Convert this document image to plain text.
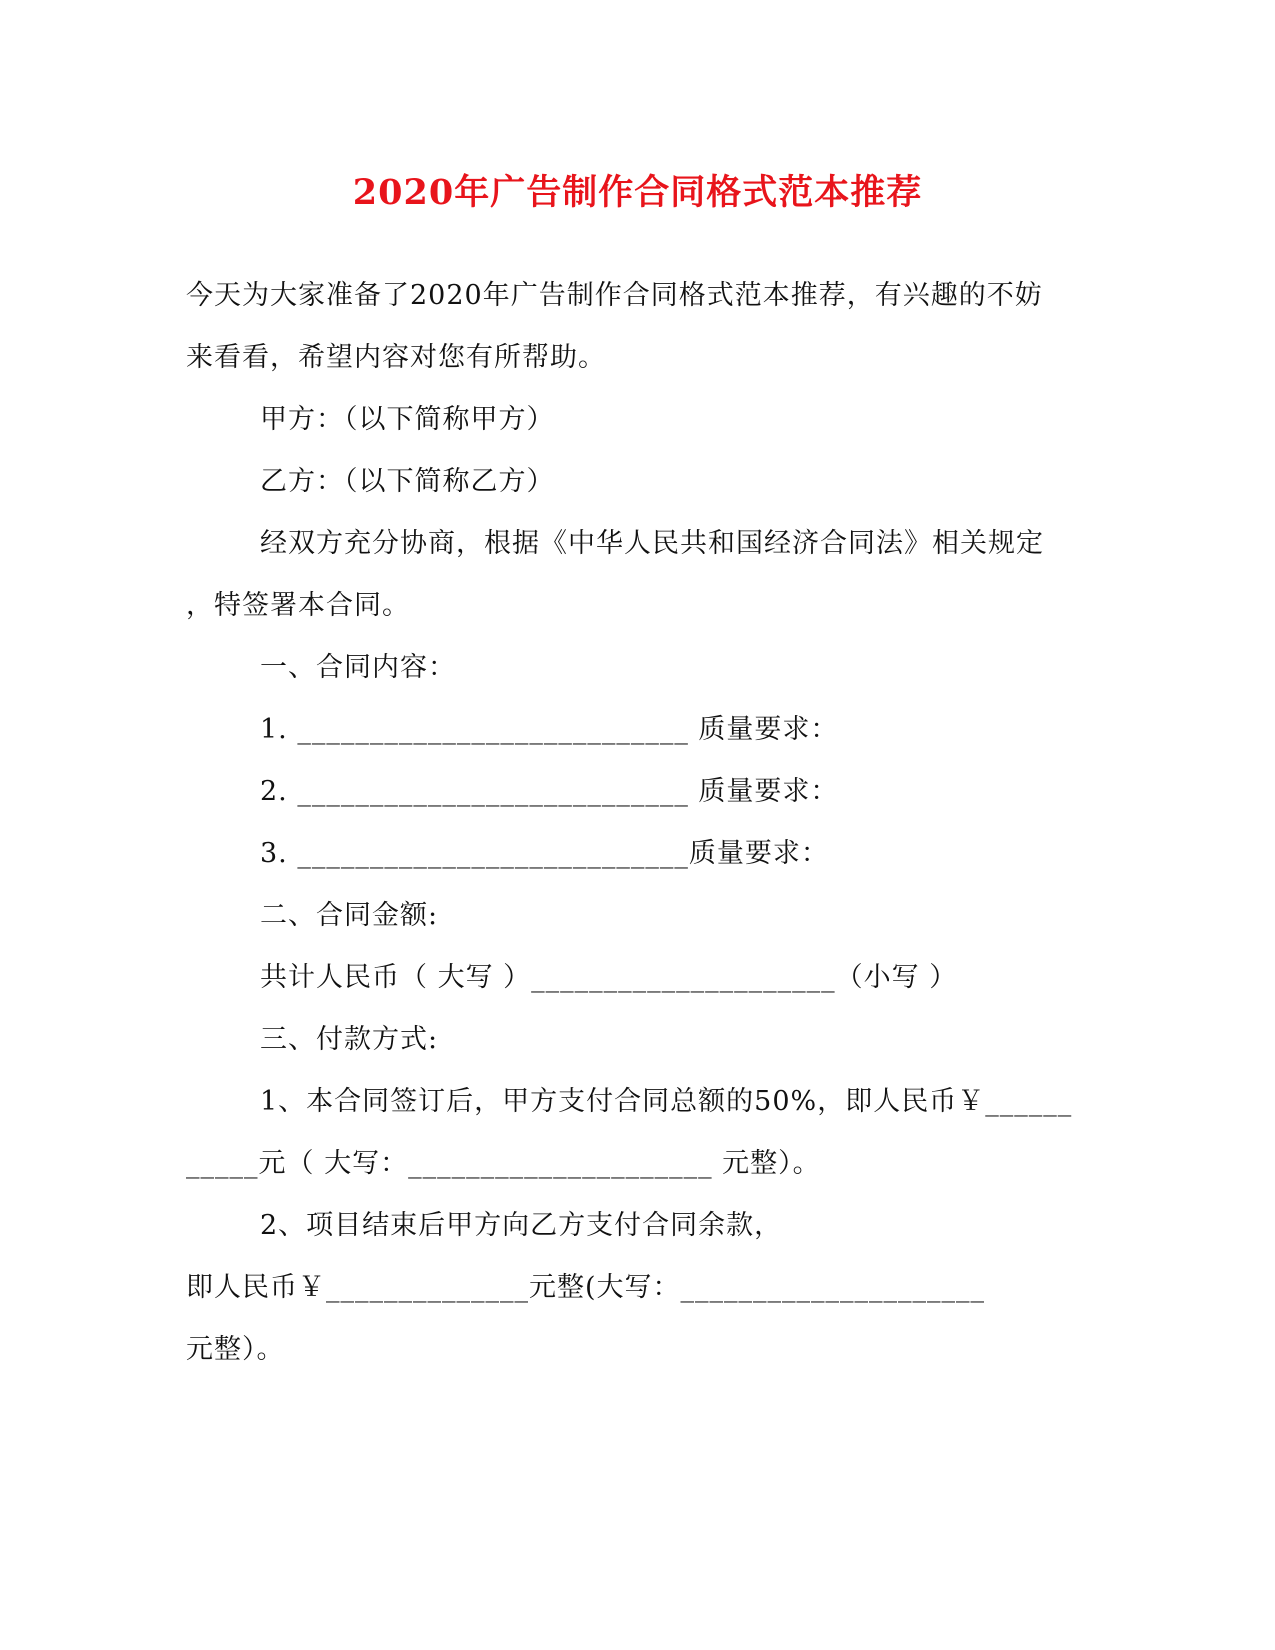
2020年广告制作合同格式范本推荐
今天为大家准备了2020年广告制作合同格式范本推荐，有兴趣的不妨
来看看，希望内容对您有所帮助。
甲方：（以下简称甲方）
乙方：（以下简称乙方）
经双方充分协商，根据《中华人民共和国经济合同法》相关规定
，特签署本合同。
一、合同内容：
1. ___________________________ 质量要求：
2. ___________________________ 质量要求：
3. ___________________________质量要求：
二、合同金额:
共计人民币（ 大写 ）_____________________（小写 ）
三、付款方式:
1、本合同签订后，甲方支付合同总额的50%，即人民币￥______
_____元（ 大写：_____________________ 元整）。
2、项目结束后甲方向乙方支付合同余款，
即人民币￥______________元整(大写：_____________________
元整）。
